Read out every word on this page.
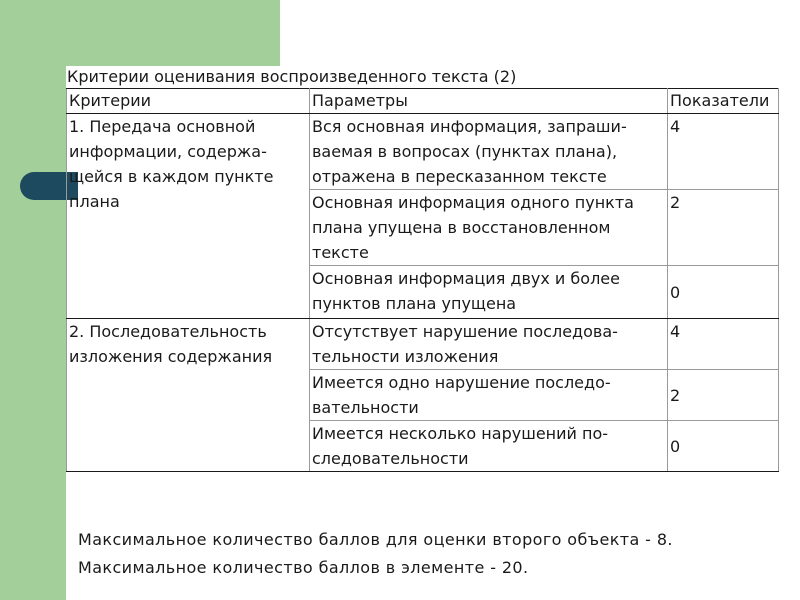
Критерии оценивания воспроизведенного текста (2)
Критерии	Параметры	Показатели
1. Передача основной информации, содержа-щейся в каждом пункте плана	Вся основная информация, запраши-ваемая в вопросах (пунктах плана), отражена в пересказанном тексте	4
	Основная информация одного пункта плана упущена в восстановленном тексте	2
	Основная информация двух и более пунктов плана упущена	0
2. Последовательность изложения содержания	Отсутствует нарушение последова-тельности изложения	4
	Имеется одно нарушение последо-вательности	2
	Имеется несколько нарушений по-следовательности	0
Максимальное количество баллов для оценки второго объекта - 8.
Максимальное количество баллов в элементе - 20.
